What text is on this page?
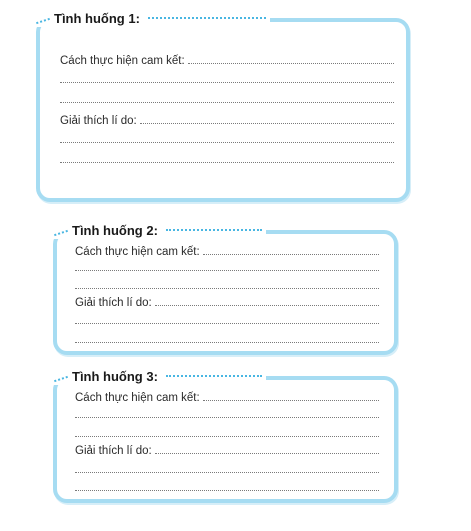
Tình huống 1:
Cách thực hiện cam kết:
Giải thích lí do:
Tình huống 2:
Cách thực hiện cam kết:
Giải thích lí do:
Tình huống 3:
Cách thực hiện cam kết:
Giải thích lí do:
